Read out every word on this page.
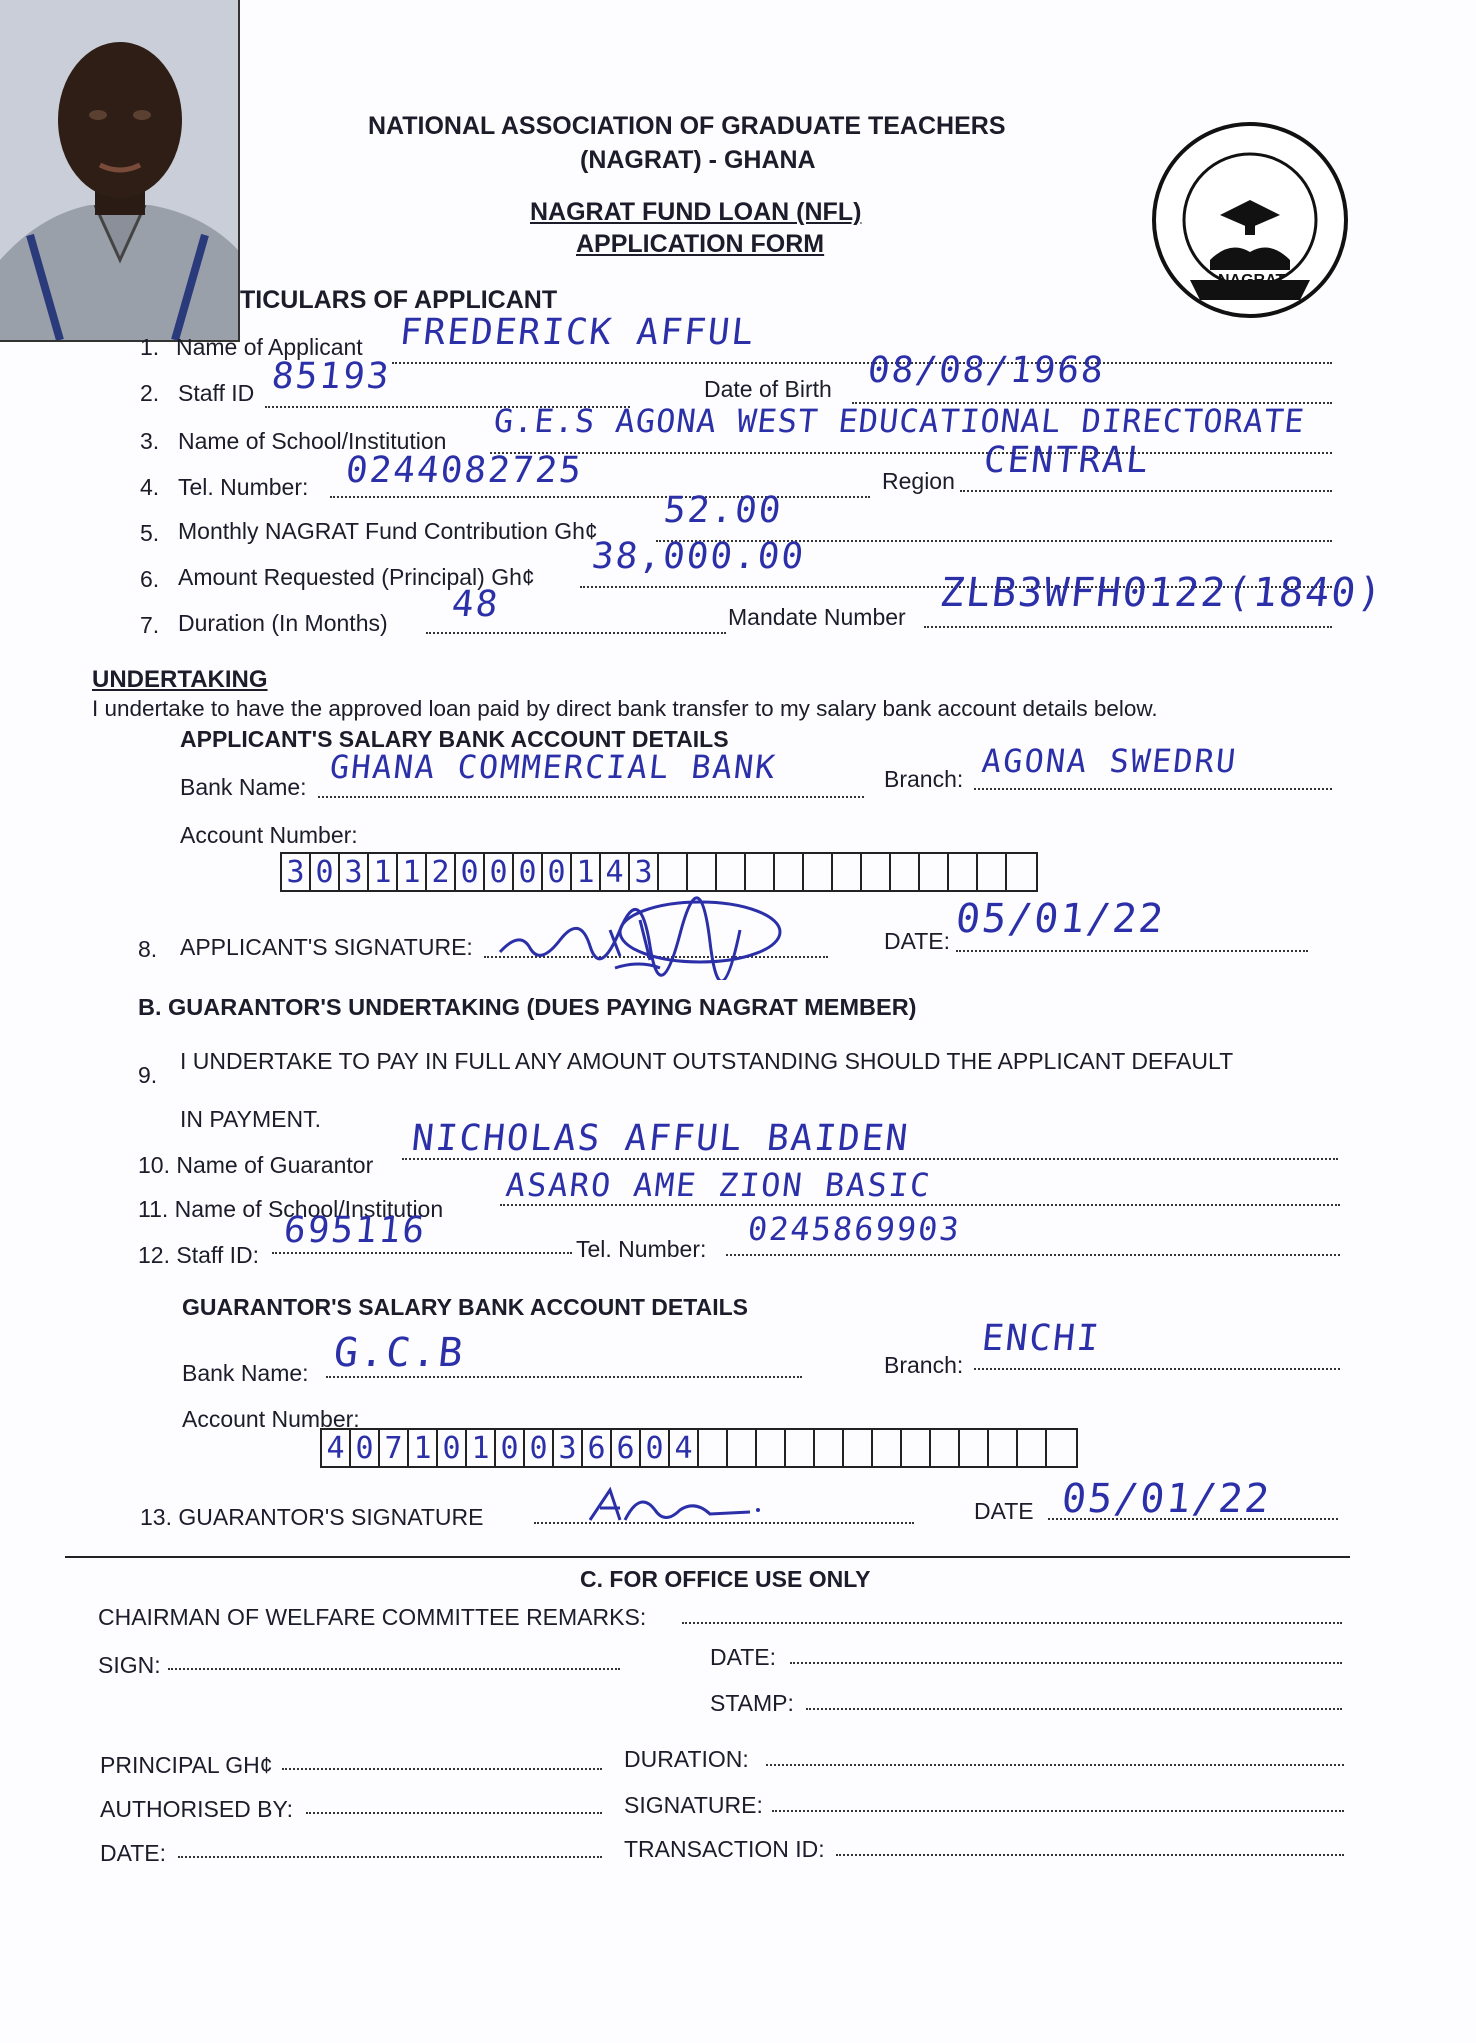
NAGRAT
NATIONAL ASSOCIATION OF GRADUATE TEACHERS
(NAGRAT) - GHANA
NAGRAT FUND LOAN (NFL)
APPLICATION FORM
TICULARS OF APPLICANT
1. Name of Applicant FREDERICK AFFUL
2. Staff ID 85193	Date of Birth 08/08/1968
3. Name of School/Institution
G.E.S AGONA WEST EDUCATIONAL DIRECTORATE
4. Tel. Number: 0244082725	Region CENTRAL
5. Monthly NAGRAT Fund Contribution Gh¢ 52.00
6. Amount Requested (Principal) Gh¢ 38,000.00
7. Duration (In Months) 48	Mandate Number
ZLB3WFH0122(1840)
UNDERTAKING
I undertake to have the approved loan paid by direct bank transfer to my salary bank account details below.
APPLICANT'S SALARY BANK ACCOUNT DETAILS
Bank Name:
GHANA COMMERCIAL BANK	Branch: AGONA SWEDRU
Account Number:
3 0 3 1 1 2 0 0 0 0 1 4 3
8. APPLICANT'S SIGNATURE:	DATE: 05/01/22
B. GUARANTOR'S UNDERTAKING (DUES PAYING NAGRAT MEMBER)
9.
I UNDERTAKE TO PAY IN FULL ANY AMOUNT OUTSTANDING SHOULD THE APPLICANT DEFAULT
IN PAYMENT.
10. Name of Guarantor
NICHOLAS AFFUL BAIDEN
11. Name of School/Institution
ASARO AME ZION BASIC
12. Staff ID:
695116	Tel. Number:
0245869903
GUARANTOR'S SALARY BANK ACCOUNT DETAILS
Bank Name: G.C.B	Branch:
ENCHI
Account Number:
4 0 7 1 0 1 0 0 3 6 6 0 4
13. GUARANTOR'S SIGNATURE	DATE 05/01/22
C. FOR OFFICE USE ONLY
CHAIRMAN OF WELFARE COMMITTEE REMARKS:
SIGN:	DATE:
STAMP:
PRINCIPAL GH¢	DURATION:
AUTHORISED BY:	SIGNATURE:
DATE:	TRANSACTION ID:
